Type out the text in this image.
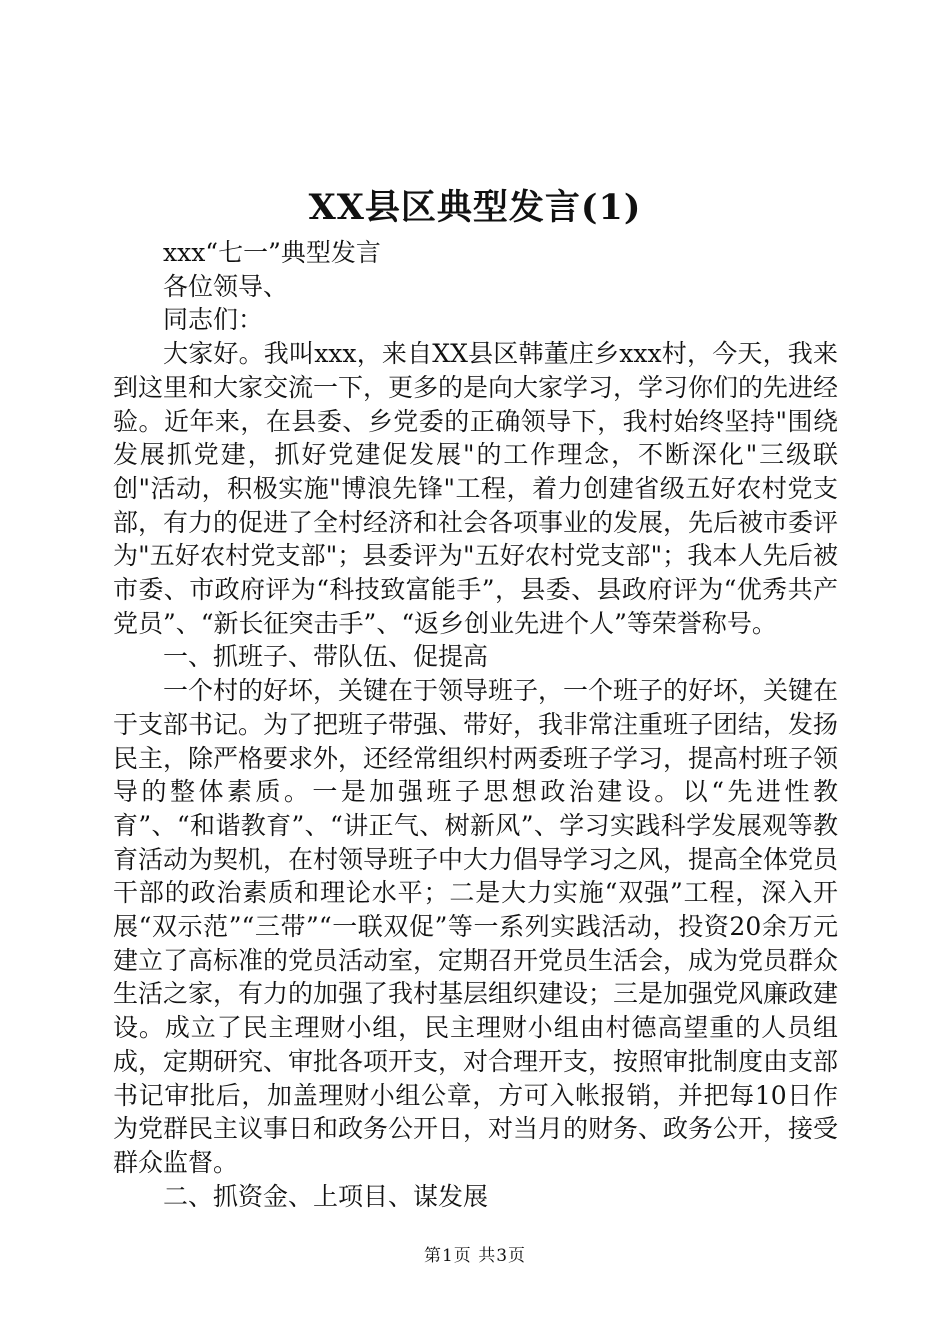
XX县区典型发言(1)

xxx“七一”典型发言

各位领导、

同志们：

大家好。我叫xxx，来自XX县区韩董庄乡xxx村，今天，我来到这里和大家交流一下，更多的是向大家学习，学习你们的先进经验。近年来，在县委、乡党委的正确领导下，我村始终坚持"围绕发展抓党建，抓好党建促发展"的工作理念，不断深化"三级联创"活动，积极实施"博浪先锋"工程，着力创建省级五好农村党支部，有力的促进了全村经济和社会各项事业的发展，先后被市委评为"五好农村党支部"；县委评为"五好农村党支部"；我本人先后被市委、市政府评为“科技致富能手”，县委、县政府评为“优秀共产党员”、“新长征突击手”、“返乡创业先进个人”等荣誉称号。

一、抓班子、带队伍、促提高

一个村的好坏，关键在于领导班子，一个班子的好坏，关键在于支部书记。为了把班子带强、带好，我非常注重班子团结，发扬民主，除严格要求外，还经常组织村两委班子学习，提高村班子领导的整体素质。一是加强班子思想政治建设。以“先进性教育”、“和谐教育”、“讲正气、树新风”、学习实践科学发展观等教育活动为契机，在村领导班子中大力倡导学习之风，提高全体党员干部的政治素质和理论水平；二是大力实施“双强”工程，深入开展“双示范”“三带”“一联双促”等一系列实践活动，投资20余万元建立了高标准的党员活动室，定期召开党员生活会，成为党员群众生活之家，有力的加强了我村基层组织建设；三是加强党风廉政建设。成立了民主理财小组，民主理财小组由村德高望重的人员组成，定期研究、审批各项开支，对合理开支，按照审批制度由支部书记审批后，加盖理财小组公章，方可入帐报销，并把每10日作为党群民主议事日和政务公开日，对当月的财务、政务公开，接受群众监督。

二、抓资金、上项目、谋发展

第1页 共3页
